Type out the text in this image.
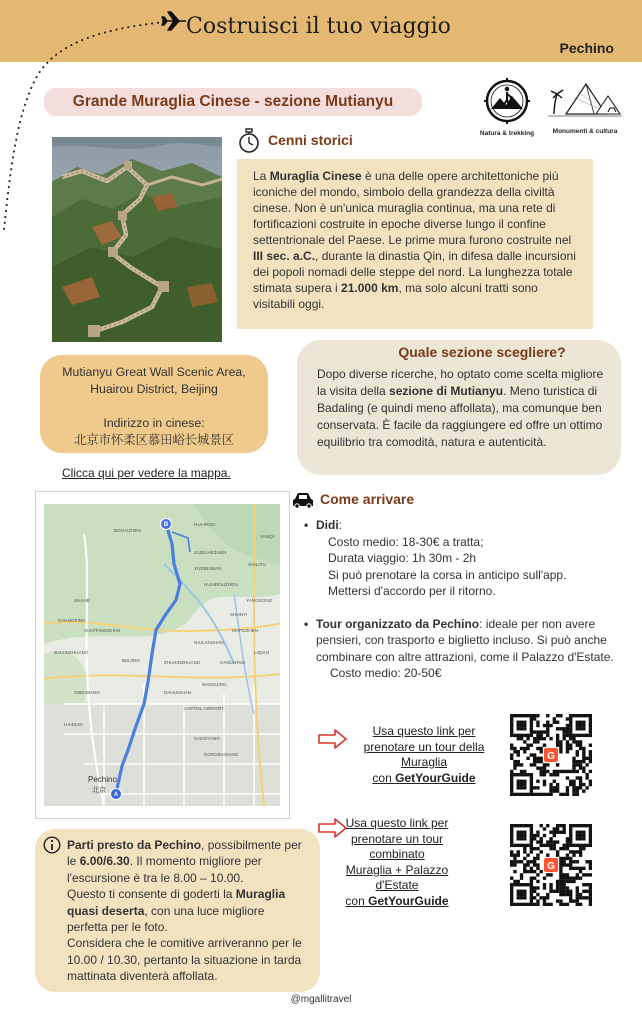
Costruisci il tuo viaggio
Pechino
Grande Muraglia Cinese - sezione Mutianyu
Natura & trekking	Monumenti & cultura
Cenni storici
La Muraglia Cinese è una delle opere architettoniche più iconiche del mondo, simbolo della grandezza della civiltà cinese. Non è un'unica muraglia continua, ma una rete di fortificazioni costruite in epoche diverse lungo il confine settentrionale del Paese. Le prime mura furono costruite nel III sec. a.C., durante la dinastia Qin, in difesa dalle incursioni dei popoli nomadi delle steppe del nord. La lunghezza totale stimata supera i 21.000 km, ma solo alcuni tratti sono visitabili oggi.
Mutianyu Great Wall Scenic Area,
Huairou District, Beijing
Indirizzo in cinese:
北京市怀柔区慕田峪长城景区
Quale sezione scegliere?
Dopo diverse ricerche, ho optato come scelta migliore la visita della sezione di Mutianyu. Meno turistica di Badaling (e quindi meno affollata), ma comunque ben conservata. È facile da raggiungere ed offre un ottimo equilibrio tra comodità, natura e autenticità.
Clicca qui per vedere la mappa.
BOHAIZHEN
HUAIROU
HUAIROUZHEN
CHANGPING
SHAHE
BEIJING
XIAOTANGSHAN
SHUNYI
BAIXINZHUANG
WANGJING
CHAOYANG
HAIDIAN
XIBEIWANG
ZHUXINZHUANG
NIULANSHAN
GAOLIYING
LIQIAO
MAPOZHEN
YANQI
DAHUISHAN
JIUDUHEZHEN
YUEBEIWAN
SHILIYU
YANGSONG
DONGBAXIANG
CAPITAL AIRPORT
B
A
Pechino
北京
Come arrivare
• Didi:
Costo medio: 18-30€ a tratta;
Durata viaggio: 1h 30m - 2h
Si può prenotare la corsa in anticipo sull'app.
Mettersi d'accordo per il ritorno.
• Tour organizzato da Pechino: ideale per non avere pensieri, con trasporto e biglietto incluso. Si può anche combinare con altre attrazioni, come il Palazzo d'Estate.
Costo medio: 20-50€
Usa questo link per
prenotare un tour della
Muraglia
con GetYourGuide
G
Usa questo link per
prenotare un tour
combinato
Muraglia + Palazzo
d'Estate
con GetYourGuide
G
Parti presto da Pechino, possibilmente per le 6.00/6.30. Il momento migliore per l'escursione è tra le 8.00 – 10.00.
Questo ti consente di goderti la Muraglia quasi deserta, con una luce migliore perfetta per le foto.
Considera che le comitive arriveranno per le 10.00 / 10.30, pertanto la situazione in tarda mattinata diventerà affollata.
@mgallitravel
